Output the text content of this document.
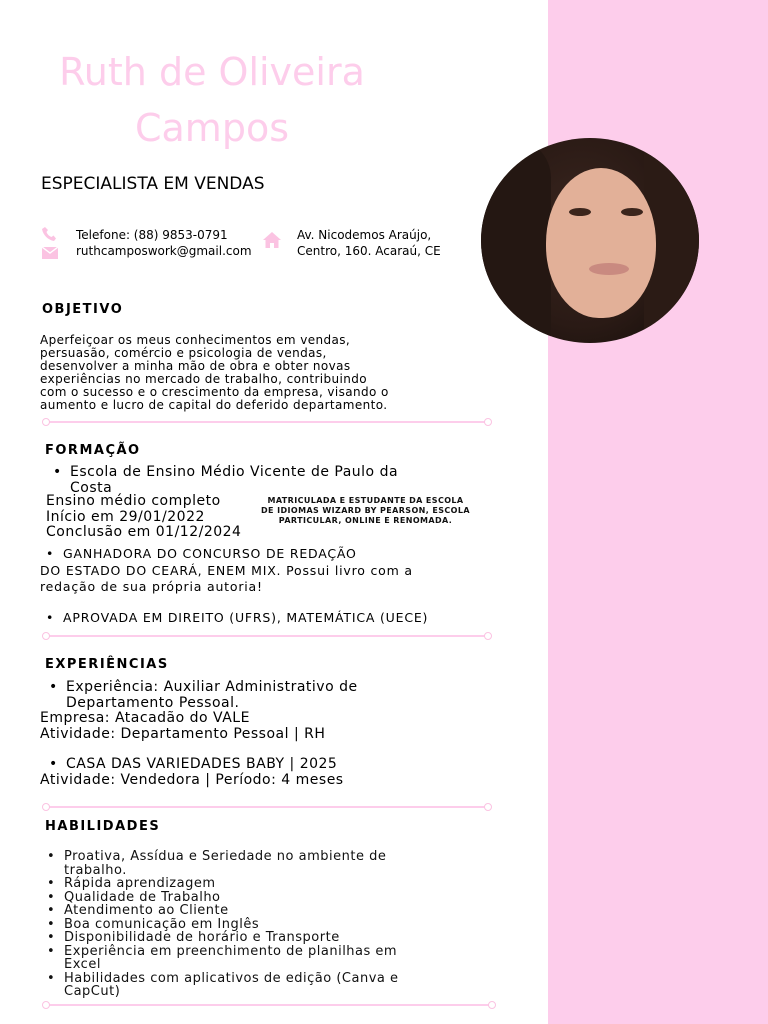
Ruth de Oliveira
Campos
ESPECIALISTA EM VENDAS
Telefone: (88) 9853-0791
ruthcamposwork@gmail.com
Av. Nicodemos Araújo,
Centro, 160. Acaraú, CE
OBJETIVO
Aperfeiçoar os meus conhecimentos em vendas,
persuasão, comércio e psicologia de vendas,
desenvolver a minha mão de obra e obter novas
experiências no mercado de trabalho, contribuindo
com o sucesso e o crescimento da empresa, visando o
aumento e lucro de capital do deferido departamento.
FORMAÇÃO
• Escola de Ensino Médio Vicente de Paulo da
Costa
Ensino médio completo
Início em 29/01/2022
Conclusão em 01/12/2024
MATRICULADA E ESTUDANTE DA ESCOLA
DE IDIOMAS WIZARD BY PEARSON, ESCOLA
PARTICULAR, ONLINE E RENOMADA.
• GANHADORA DO CONCURSO DE REDAÇÃO
DO ESTADO DO CEARÁ, ENEM MIX. Possui livro com a
redação de sua própria autoria!
• APROVADA EM DIREITO (UFRS), MATEMÁTICA (UECE)
EXPERIÊNCIAS
• Experiência: Auxiliar Administrativo de
Departamento Pessoal.
Empresa: Atacadão do VALE
Atividade: Departamento Pessoal | RH
• CASA DAS VARIEDADES BABY | 2025
Atividade: Vendedora | Período: 4 meses
HABILIDADES
• Proativa, Assídua e Seriedade no ambiente de trabalho.
• Rápida aprendizagem
• Qualidade de Trabalho
• Atendimento ao Cliente
• Boa comunicação em Inglês
• Disponibilidade de horário e Transporte
• Experiência em preenchimento de planilhas em Excel
• Habilidades com aplicativos de edição (Canva e CapCut)
